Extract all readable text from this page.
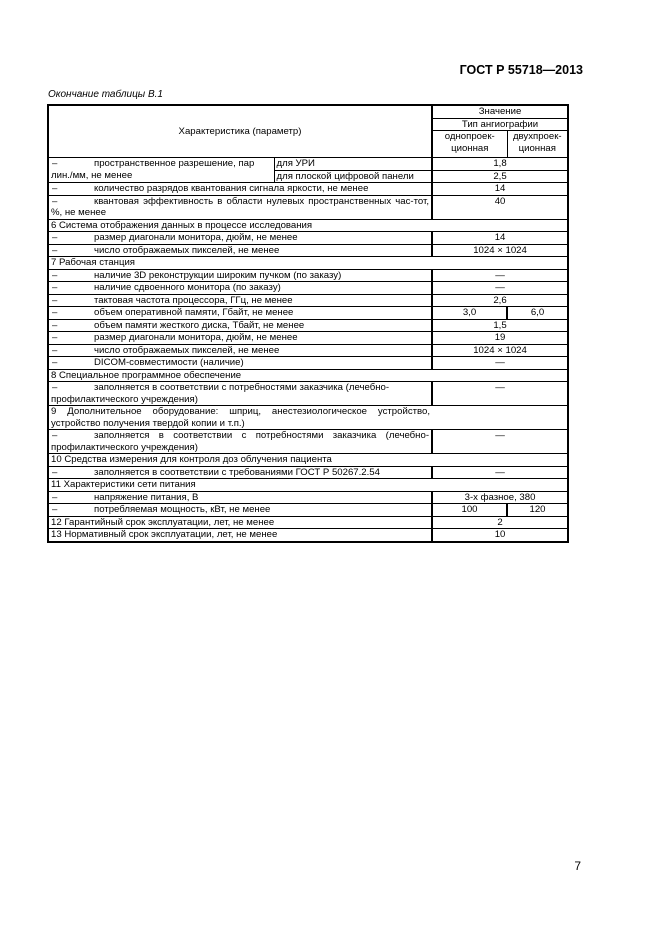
ГОСТ Р 55718—2013
Окончание таблицы В.1
Характеристика (параметр)		Значение	
		Тип ангиографии	
		однопроек-ционная	двухпроек-ционная
– пространственное разрешение, пар лин./мм, не менее	для УРИ	1,8	
	для плоской цифровой панели	2,5	
– количество разрядов квантования сигнала яркости, не менее		14	
– квантовая эффективность в области нулевых пространственных час-тот, %, не менее		40	
6 Система отображения данных в процессе исследования			
– размер диагонали монитора, дюйм, не менее		14	
– число отображаемых пикселей, не менее		1024 × 1024	
7 Рабочая станция			
– наличие 3D реконструкции широким пучком (по заказу)		—	
– наличие сдвоенного монитора (по заказу)		—	
– тактовая частота процессора, ГГц, не менее		2,6	
– объем оперативной памяти, Гбайт, не менее		3,0	6,0
– объем памяти жесткого диска, Тбайт, не менее		1,5	
– размер диагонали монитора, дюйм, не менее		19	
– число отображаемых пикселей, не менее		1024 × 1024	
– DICOM-совместимости (наличие)		—	
8 Специальное программное обеспечение			
– заполняется в соответствии с потребностями заказчика (лечебно-профилактического учреждения)		—	
9 Дополнительное оборудование: шприц, анестезиологическое устройство, устройство получения твердой копии и т.п.)			
– заполняется в соответствии с потребностями заказчика (лечебно-профилактического учреждения)		—	
10 Средства измерения для контроля доз облучения пациента			
– заполняется в соответствии с требованиями ГОСТ Р 50267.2.54		—	
11 Характеристики сети питания			
– напряжение питания, В		3-х фазное, 380	
– потребляемая мощность, кВт, не менее		100	120
12 Гарантийный срок эксплуатации, лет, не менее		2	
13 Нормативный срок эксплуатации, лет, не менее		10	
7
